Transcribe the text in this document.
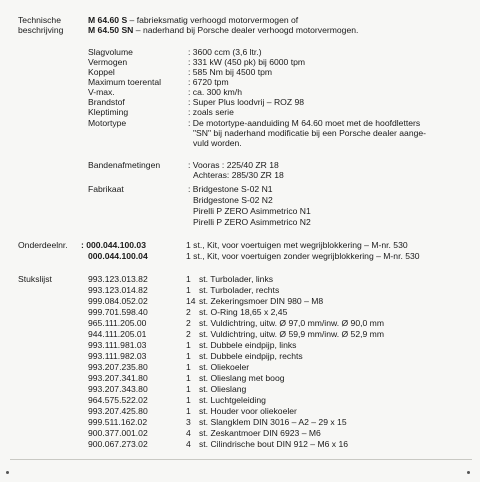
Technische
beschrijving
M 64.60 S – fabrieksmatig verhoogd motorvermogen of
M 64.50 SN – naderhand bij Porsche dealer verhoogd motorvermogen.
Slagvolume	: 3600 ccm (3,6 ltr.)
Vermogen	: 331 kW (450 pk) bij 6000 tpm
Koppel	: 585 Nm bij 4500 tpm
Maximum toerental	: 6720 tpm
V-max.	: ca. 300 km/h
Brandstof	: Super Plus loodvrij – ROZ 98
Kleptiming	: zoals serie
Motortype	: De motortype-aanduiding M 64.60 moet met de hoofdletters
"SN" bij naderhand modificatie bij een Porsche dealer aange-
vuld worden.
Bandenafmetingen	: Vooras : 225/40 ZR 18
Achteras: 285/30 ZR 18
Fabrikaat	: Bridgestone S-02 N1
Bridgestone S-02 N2
Pirelli P ZERO Asimmetrico N1
Pirelli P ZERO Asimmetrico N2
Onderdeelnr. : 000.044.100.03	1 st., Kit, voor voertuigen met wegrijblokkering – M-nr. 530
000.044.100.04	1 st., Kit, voor voertuigen zonder wegrijblokkering – M-nr. 530
Stukslijst	993.123.013.82	1 st. Turbolader, links
993.123.014.82	1 st. Turbolader, rechts
999.084.052.02	14 st. Zekeringsmoer DIN 980 – M8
999.701.598.40	2 st. O-Ring 18,65 x 2,45
965.111.205.00	2 st. Vuldichtring, uitw. Ø 97,0 mm/inw. Ø 90,0 mm
944.111.205.01	2 st. Vuldichtring, uitw. Ø 59,9 mm/inw. Ø 52,9 mm
993.111.981.03	1 st. Dubbele eindpijp, links
993.111.982.03	1 st. Dubbele eindpijp, rechts
993.207.235.80	1 st. Oliekoeler
993.207.341.80	1 st. Olieslang met boog
993.207.343.80	1 st. Olieslang
964.575.522.02	1 st. Luchtgeleiding
993.207.425.80	1 st. Houder voor oliekoeler
999.511.162.02	3 st. Slangklem DIN 3016 – A2 – 29 x 15
900.377.001.02	4 st. Zeskantmoer DIN 6923 – M6
900.067.273.02	4 st. Cilindrische bout DIN 912 – M6 x 16
